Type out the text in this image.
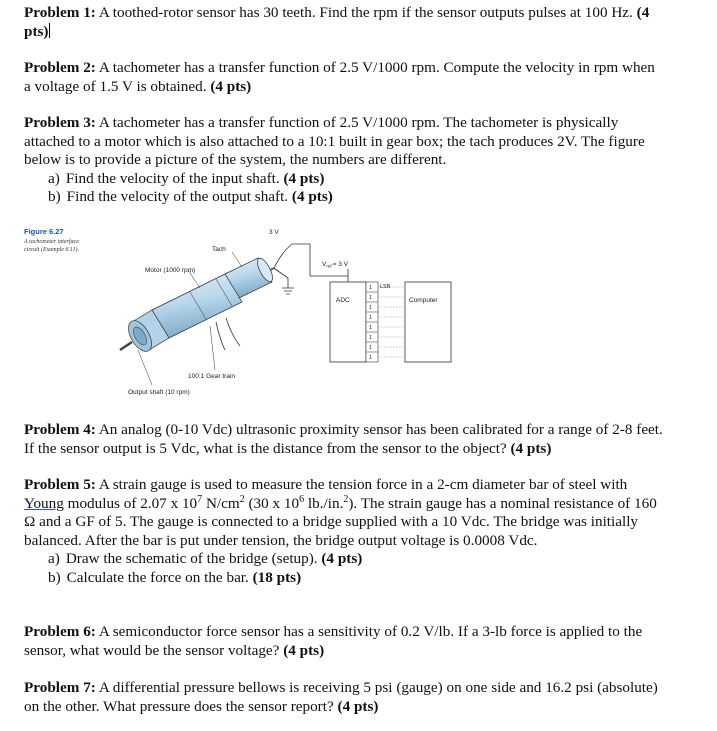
Problem 1: A toothed-rotor sensor has 30 teeth. Find the rpm if the sensor outputs pulses at 100 Hz. (4 pts)
Problem 2: A tachometer has a transfer function of 2.5 V/1000 rpm. Compute the velocity in rpm when a voltage of 1.5 V is obtained. (4 pts)
Problem 3: A tachometer has a transfer function of 2.5 V/1000 rpm. The tachometer is physically attached to a motor which is also attached to a 10:1 built in gear box; the tach produces 2V. The figure below is to provide a picture of the system, the numbers are different.
a) Find the velocity of the input shaft. (4 pts)
b) Find the velocity of the output shaft. (4 pts)
Figure 6.27
A tachometer interface
circuit (Example 6.11).	Tach
Motor (1000 rpm)
100:1 Gear train
Output shaft (10 rpm)
3 V
$V_{ref}= 3$ V
ADC
1
1
1
1
1
1
1
1
LSB
Computer
Problem 4: An analog (0-10 Vdc) ultrasonic proximity sensor has been calibrated for a range of 2-8 feet. If the sensor output is 5 Vdc, what is the distance from the sensor to the object? (4 pts)
Problem 5: A strain gauge is used to measure the tension force in a 2-cm diameter bar of steel with Young modulus of 2.07 x $10^7$ $N/cm^2$ (30 x $10^6$ lb./in.$^2$). The strain gauge has a nominal resistance of 160 Ω and a GF of 5. The gauge is connected to a bridge supplied with a 10 Vdc. The bridge was initially balanced. After the bar is put under tension, the bridge output voltage is 0.0008 Vdc.
a) Draw the schematic of the bridge (setup). (4 pts)
b) Calculate the force on the bar. (18 pts)
Problem 6: A semiconductor force sensor has a sensitivity of 0.2 V/lb. If a 3-lb force is applied to the sensor, what would be the sensor voltage? (4 pts)
Problem 7: A differential pressure bellows is receiving 5 psi (gauge) on one side and 16.2 psi (absolute) on the other. What pressure does the sensor report? (4 pts)
